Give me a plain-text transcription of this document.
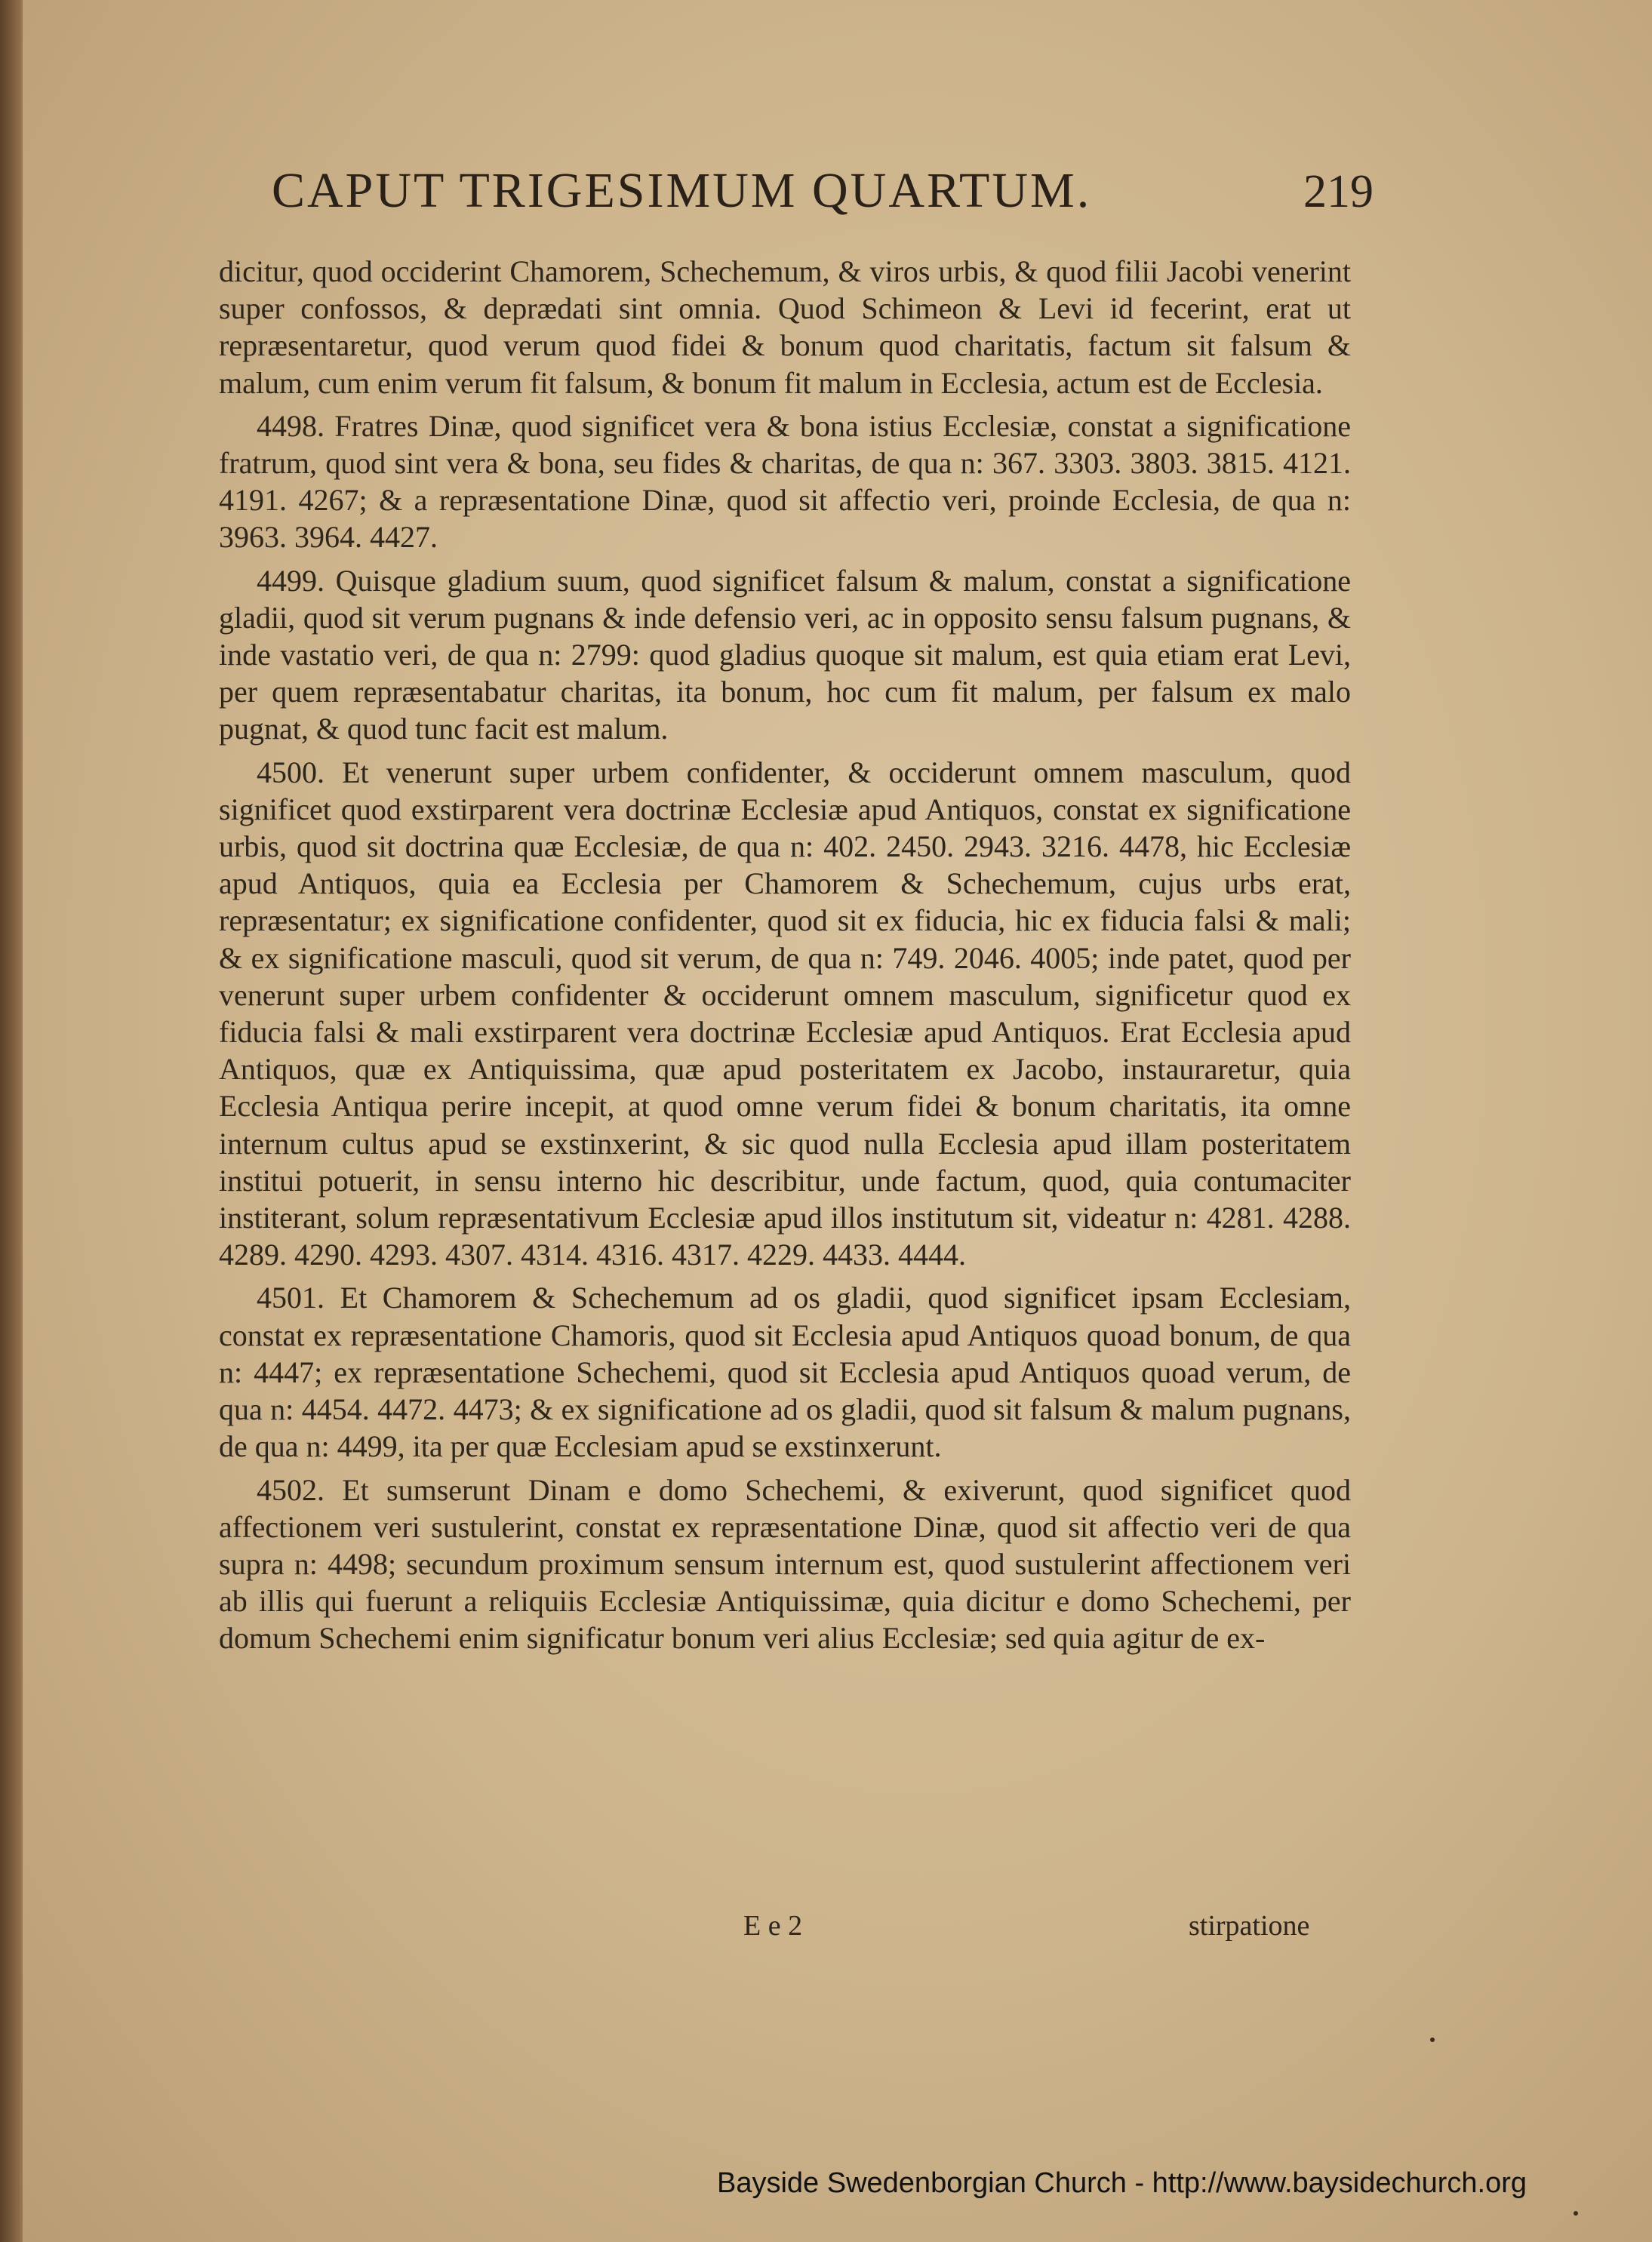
CAPUT TRIGESIMUM QUARTUM.	219

dicitur, quod occiderint Chamorem, Schechemum, & viros urbis, & quod filii Jacobi venerint super confossos, & deprædati sint omnia. Quod Schimeon & Levi id fecerint, erat ut repræsentaretur, quod verum quod fidei & bonum quod charitatis, factum sit falsum & malum, cum enim verum fit falsum, & bonum fit malum in Ecclesia, actum est de Ecclesia.

4498. Fratres Dinæ, quod significet vera & bona istius Ecclesiæ, constat a significatione fratrum, quod sint vera & bona, seu fides & charitas, de qua n: 367. 3303. 3803. 3815. 4121. 4191. 4267; & a repræsentatione Dinæ, quod sit affectio veri, proinde Ecclesia, de qua n: 3963. 3964. 4427.

4499. Quisque gladium suum, quod significet falsum & malum, constat a significatione gladii, quod sit verum pugnans & inde defensio veri, ac in opposito sensu falsum pugnans, & inde vastatio veri, de qua n: 2799: quod gladius quoque sit malum, est quia etiam erat Levi, per quem repræsentabatur charitas, ita bonum, hoc cum fit malum, per falsum ex malo pugnat, & quod tunc facit est malum.

4500. Et venerunt super urbem confidenter, & occiderunt omnem masculum, quod significet quod exstirparent vera doctrinæ Ecclesiæ apud Antiquos, constat ex significatione urbis, quod sit doctrina quæ Ecclesiæ, de qua n: 402. 2450. 2943. 3216. 4478, hic Ecclesiæ apud Antiquos, quia ea Ecclesia per Chamorem & Schechemum, cujus urbs erat, repræsentatur; ex significatione confidenter, quod sit ex fiducia, hic ex fiducia falsi & mali; & ex significatione masculi, quod sit verum, de qua n: 749. 2046. 4005; inde patet, quod per venerunt super urbem confidenter & occiderunt omnem masculum, significetur quod ex fiducia falsi & mali exstirparent vera doctrinæ Ecclesiæ apud Antiquos. Erat Ecclesia apud Antiquos, quæ ex Antiquissima, quæ apud posteritatem ex Jacobo, instauraretur, quia Ecclesia Antiqua perire incepit, at quod omne verum fidei & bonum charitatis, ita omne internum cultus apud se exstinxerint, & sic quod nulla Ecclesia apud illam posteritatem institui potuerit, in sensu interno hic describitur, unde factum, quod, quia contumaciter institerant, solum repræsentativum Ecclesiæ apud illos institutum sit, videatur n: 4281. 4288. 4289. 4290. 4293. 4307. 4314. 4316. 4317. 4229. 4433. 4444.

4501. Et Chamorem & Schechemum ad os gladii, quod significet ipsam Ecclesiam, constat ex repræsentatione Chamoris, quod sit Ecclesia apud Antiquos quoad bonum, de qua n: 4447; ex repræsentatione Schechemi, quod sit Ecclesia apud Antiquos quoad verum, de qua n: 4454. 4472. 4473; & ex significatione ad os gladii, quod sit falsum & malum pugnans, de qua n: 4499, ita per quæ Ecclesiam apud se exstinxerunt.

4502. Et sumserunt Dinam e domo Schechemi, & exiverunt, quod significet quod affectionem veri sustulerint, constat ex repræsentatione Dinæ, quod sit affectio veri de qua supra n: 4498; secundum proximum sensum internum est, quod sustulerint affectionem veri ab illis qui fuerunt a reliquiis Ecclesiæ Antiquissimæ, quia dicitur e domo Schechemi, per domum Schechemi enim significatur bonum veri alius Ecclesiæ; sed quia agitur de ex-

E e 2	stirpatione
Bayside Swedenborgian Church - http://www.baysidechurch.org
